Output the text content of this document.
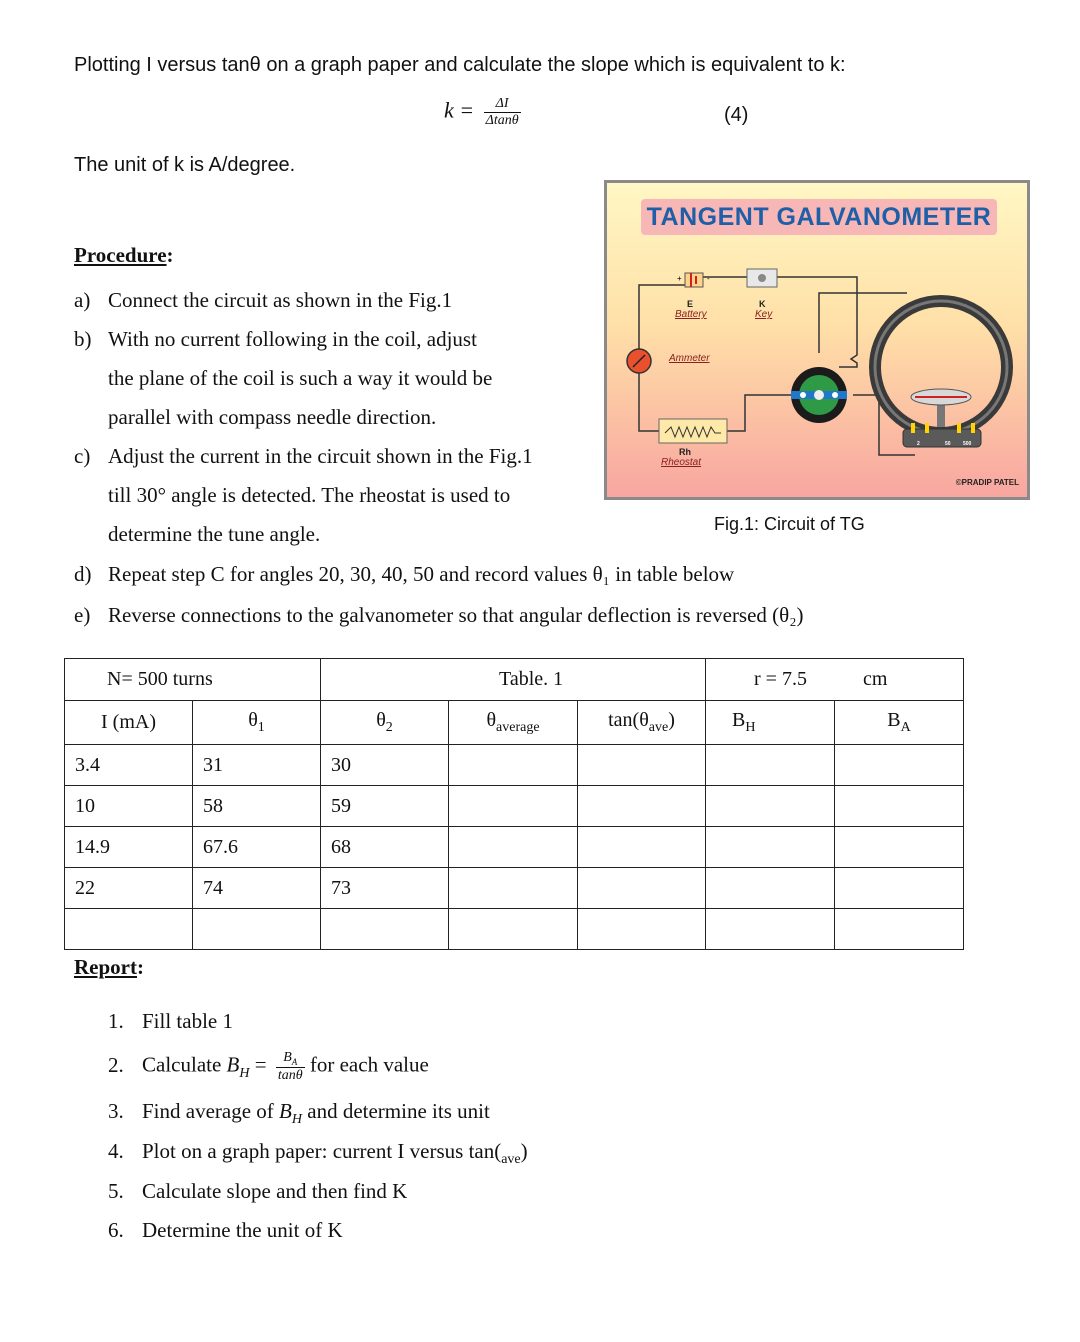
Plotting I versus tanθ on a graph paper and calculate the slope which is equivalent to k:
$k = \frac{\Delta I}{\Delta\tan\theta}$	(4)
The unit of k is A/degree.
Procedure:
a) Connect the circuit as shown in the Fig.1
b) With no current following in the coil, adjust
the plane of the coil is such a way it would be
parallel with compass needle direction.
c) Adjust the current in the circuit shown in the Fig.1
till 30° angle is detected. The rheostat is used to
determine the tune angle.
d) Repeat step C for angles 20, 30, 40, 50 and record values θ₁ in table below
e) Reverse connections to the galvanometer so that angular deflection is reversed (θ₂)
TANGENT GALVANOMETER
+	-
E
Battery
K
Key
Ammeter
Rh
Rheostat
2	50 500
©PRADIP PATEL
Fig.1: Circuit of TG
N= 500 turns		Table. 1			r = 7.5 cm	
I (mA)	$\theta_1$	$\theta_2$	$\theta_{average}$	$\tan(\theta_{ave})$	$B_H$	$B_A$
3.4	31	30				
10	58	59				
14.9	67.6	68				
22	74	73				

Report:
1. Fill table 1
2. Calculate $B_H = \frac{B_A}{\tan\theta}$ for each value
3. Find average of $B_H$ and determine its unit
4. Plot on a graph paper: current I versus $\tan(_{ave})$
5. Calculate slope and then find K
6. Determine the unit of K
